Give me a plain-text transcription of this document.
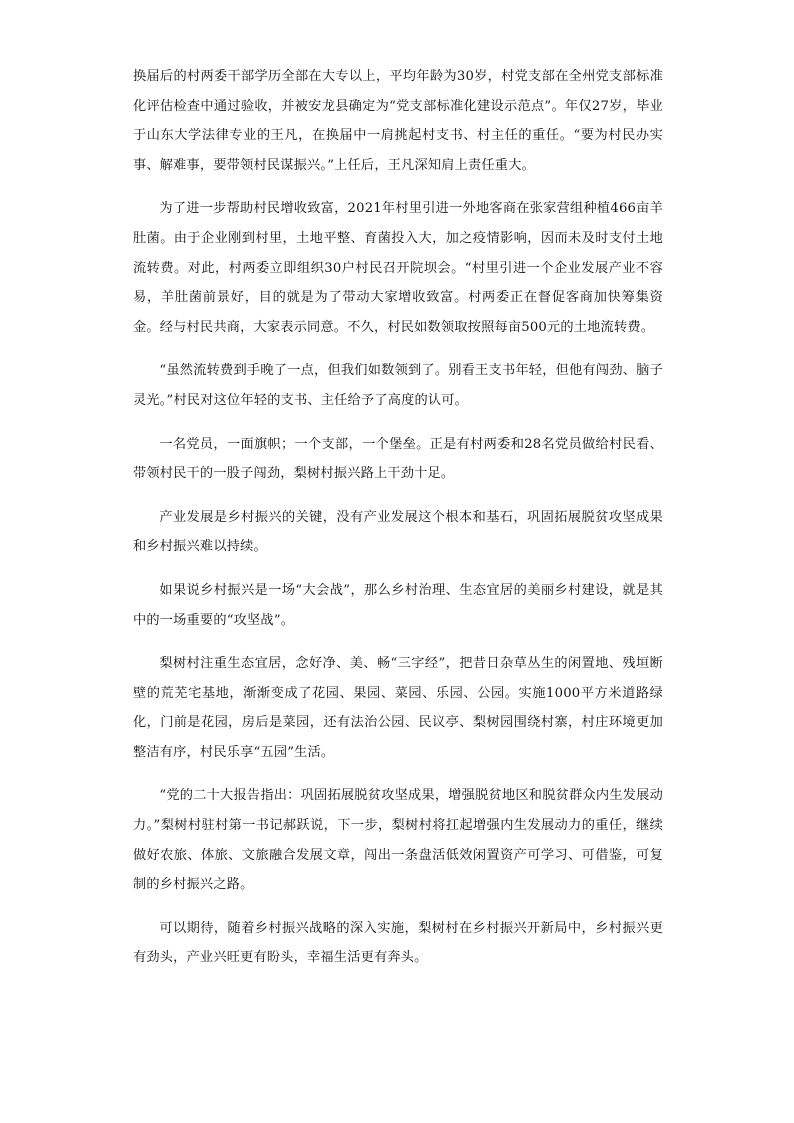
换届后的村两委干部学历全部在大专以上，平均年龄为30岁，村党支部在全州党支部标准化评估检查中通过验收，并被安龙县确定为“党支部标准化建设示范点”。年仅27岁，毕业于山东大学法律专业的王凡，在换届中一肩挑起村支书、村主任的重任。“要为村民办实事、解难事，要带领村民谋振兴。”上任后，王凡深知肩上责任重大。

为了进一步帮助村民增收致富，2021年村里引进一外地客商在张家营组种植466亩羊肚菌。由于企业刚到村里，土地平整、育菌投入大，加之疫情影响，因而未及时支付土地流转费。对此，村两委立即组织30户村民召开院坝会。“村里引进一个企业发展产业不容易，羊肚菌前景好，目的就是为了带动大家增收致富。村两委正在督促客商加快筹集资金。经与村民共商，大家表示同意。不久，村民如数领取按照每亩500元的土地流转费。

“虽然流转费到手晚了一点，但我们如数领到了。别看王支书年轻，但他有闯劲、脑子灵光。”村民对这位年轻的支书、主任给予了高度的认可。

一名党员，一面旗帜；一个支部，一个堡垒。正是有村两委和28名党员做给村民看、带领村民干的一股子闯劲，梨树村振兴路上干劲十足。

产业发展是乡村振兴的关键，没有产业发展这个根本和基石，巩固拓展脱贫攻坚成果和乡村振兴难以持续。

如果说乡村振兴是一场“大会战”，那么乡村治理、生态宜居的美丽乡村建设，就是其中的一场重要的“攻坚战”。

梨树村注重生态宜居，念好净、美、畅“三字经”，把昔日杂草丛生的闲置地、残垣断壁的荒芜宅基地，渐渐变成了花园、果园、菜园、乐园、公园。实施1000平方米道路绿化，门前是花园，房后是菜园，还有法治公园、民议亭、梨树园围绕村寨，村庄环境更加整洁有序，村民乐享“五园”生活。

“党的二十大报告指出：巩固拓展脱贫攻坚成果，增强脱贫地区和脱贫群众内生发展动力。”梨树村驻村第一书记郝跃说，下一步，梨树村将扛起增强内生发展动力的重任，继续做好农旅、体旅、文旅融合发展文章，闯出一条盘活低效闲置资产可学习、可借鉴，可复制的乡村振兴之路。

可以期待，随着乡村振兴战略的深入实施，梨树村在乡村振兴开新局中，乡村振兴更有劲头，产业兴旺更有盼头，幸福生活更有奔头。
